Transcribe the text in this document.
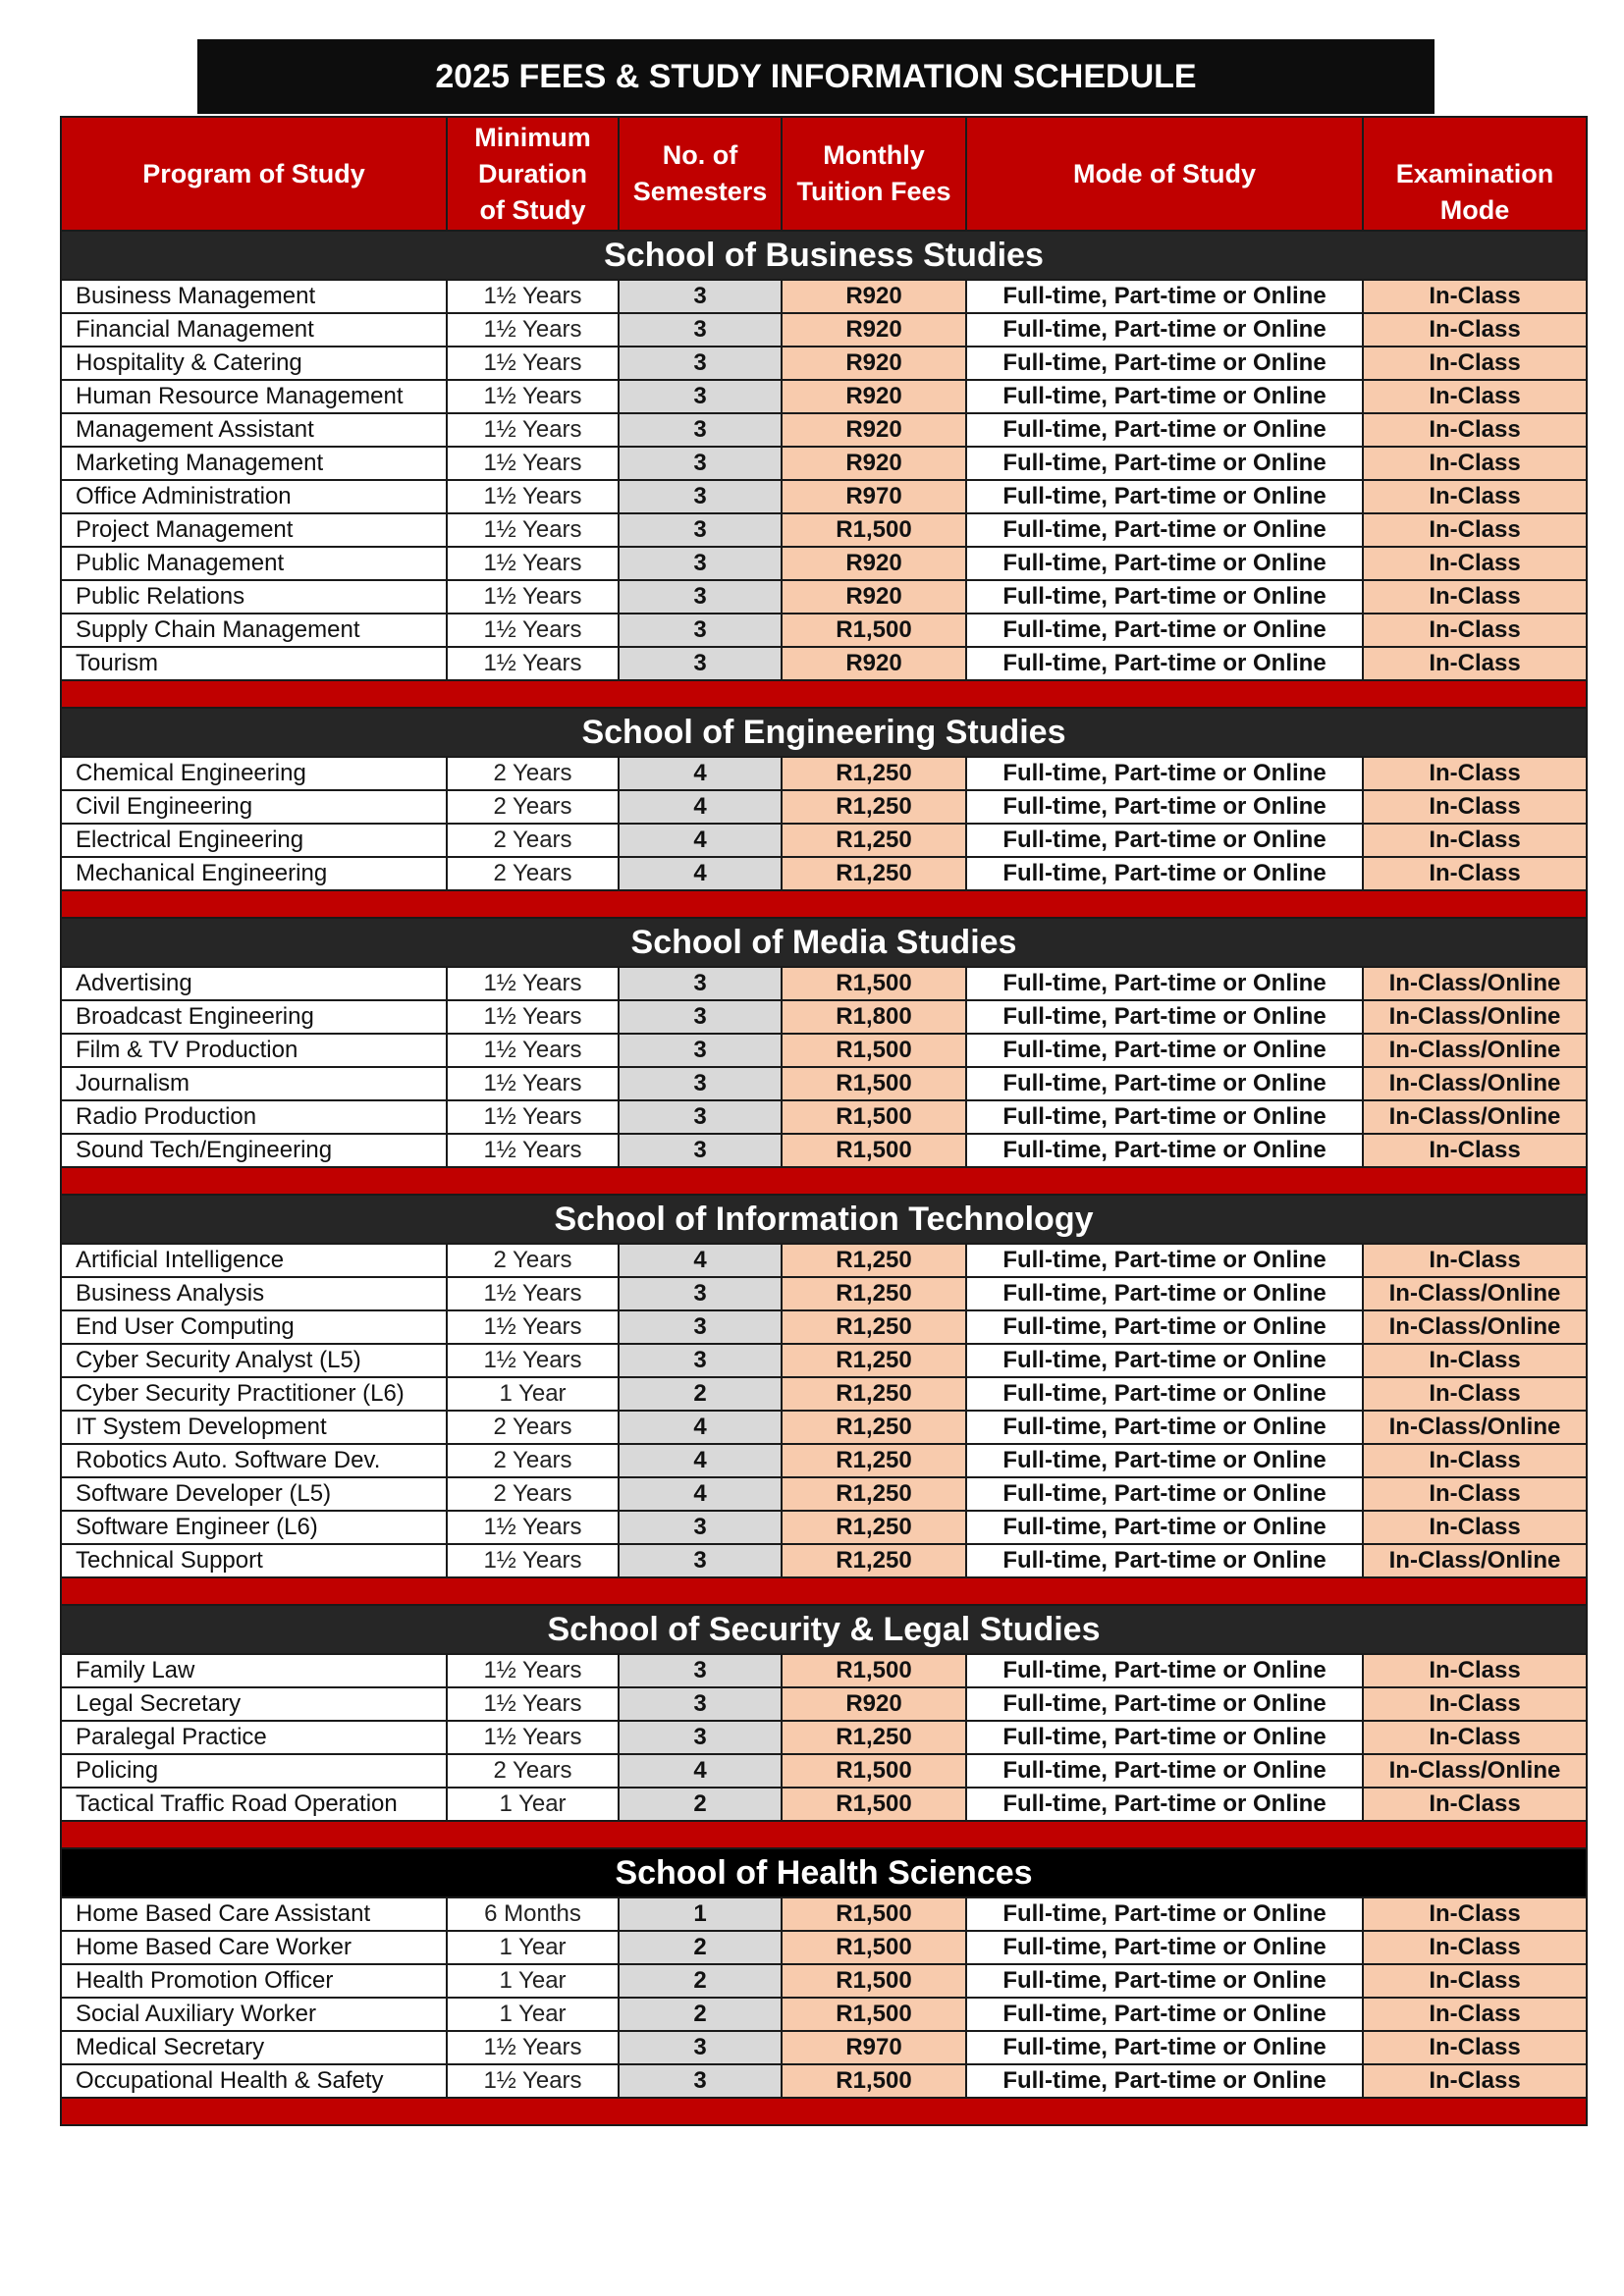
2025 FEES & STUDY INFORMATION SCHEDULE
Program of Study	Minimum
Duration
of Study	No. of
Semesters	Monthly
Tuition Fees	Mode of Study	Examination
Mode
School of Business Studies					
Business Management	1½ Years	3	R920	Full-time, Part-time or Online	In-Class
Financial Management	1½ Years	3	R920	Full-time, Part-time or Online	In-Class
Hospitality & Catering	1½ Years	3	R920	Full-time, Part-time or Online	In-Class
Human Resource Management	1½ Years	3	R920	Full-time, Part-time or Online	In-Class
Management Assistant	1½ Years	3	R920	Full-time, Part-time or Online	In-Class
Marketing Management	1½ Years	3	R920	Full-time, Part-time or Online	In-Class
Office Administration	1½ Years	3	R970	Full-time, Part-time or Online	In-Class
Project Management	1½ Years	3	R1,500	Full-time, Part-time or Online	In-Class
Public Management	1½ Years	3	R920	Full-time, Part-time or Online	In-Class
Public Relations	1½ Years	3	R920	Full-time, Part-time or Online	In-Class
Supply Chain Management	1½ Years	3	R1,500	Full-time, Part-time or Online	In-Class
Tourism	1½ Years	3	R920	Full-time, Part-time or Online	In-Class

School of Engineering Studies					
Chemical Engineering	2 Years	4	R1,250	Full-time, Part-time or Online	In-Class
Civil Engineering	2 Years	4	R1,250	Full-time, Part-time or Online	In-Class
Electrical Engineering	2 Years	4	R1,250	Full-time, Part-time or Online	In-Class
Mechanical Engineering	2 Years	4	R1,250	Full-time, Part-time or Online	In-Class

School of Media Studies					
Advertising	1½ Years	3	R1,500	Full-time, Part-time or Online	In-Class/Online
Broadcast Engineering	1½ Years	3	R1,800	Full-time, Part-time or Online	In-Class/Online
Film & TV Production	1½ Years	3	R1,500	Full-time, Part-time or Online	In-Class/Online
Journalism	1½ Years	3	R1,500	Full-time, Part-time or Online	In-Class/Online
Radio Production	1½ Years	3	R1,500	Full-time, Part-time or Online	In-Class/Online
Sound Tech/Engineering	1½ Years	3	R1,500	Full-time, Part-time or Online	In-Class

School of Information Technology					
Artificial Intelligence	2 Years	4	R1,250	Full-time, Part-time or Online	In-Class
Business Analysis	1½ Years	3	R1,250	Full-time, Part-time or Online	In-Class/Online
End User Computing	1½ Years	3	R1,250	Full-time, Part-time or Online	In-Class/Online
Cyber Security Analyst (L5)	1½ Years	3	R1,250	Full-time, Part-time or Online	In-Class
Cyber Security Practitioner (L6)	1 Year	2	R1,250	Full-time, Part-time or Online	In-Class
IT System Development	2 Years	4	R1,250	Full-time, Part-time or Online	In-Class/Online
Robotics Auto. Software Dev.	2 Years	4	R1,250	Full-time, Part-time or Online	In-Class
Software Developer (L5)	2 Years	4	R1,250	Full-time, Part-time or Online	In-Class
Software Engineer (L6)	1½ Years	3	R1,250	Full-time, Part-time or Online	In-Class
Technical Support	1½ Years	3	R1,250	Full-time, Part-time or Online	In-Class/Online

School of Security & Legal Studies					
Family Law	1½ Years	3	R1,500	Full-time, Part-time or Online	In-Class
Legal Secretary	1½ Years	3	R920	Full-time, Part-time or Online	In-Class
Paralegal Practice	1½ Years	3	R1,250	Full-time, Part-time or Online	In-Class
Policing	2 Years	4	R1,500	Full-time, Part-time or Online	In-Class/Online
Tactical Traffic Road Operation	1 Year	2	R1,500	Full-time, Part-time or Online	In-Class

School of Health Sciences					
Home Based Care Assistant	6 Months	1	R1,500	Full-time, Part-time or Online	In-Class
Home Based Care Worker	1 Year	2	R1,500	Full-time, Part-time or Online	In-Class
Health Promotion Officer	1 Year	2	R1,500	Full-time, Part-time or Online	In-Class
Social Auxiliary Worker	1 Year	2	R1,500	Full-time, Part-time or Online	In-Class
Medical Secretary	1½ Years	3	R970	Full-time, Part-time or Online	In-Class
Occupational Health & Safety	1½ Years	3	R1,500	Full-time, Part-time or Online	In-Class
